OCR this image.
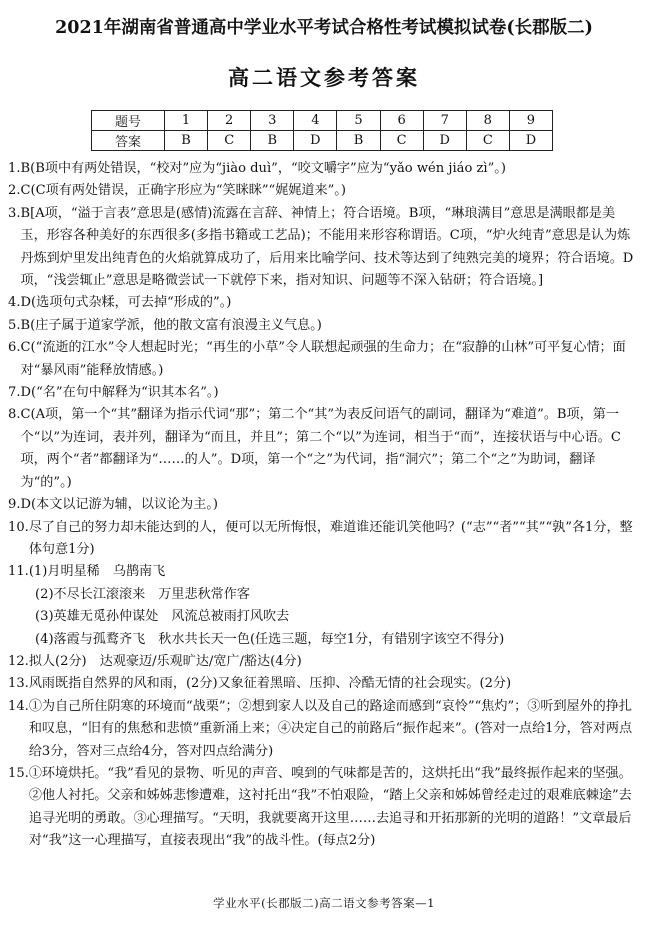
2021年湖南省普通高中学业水平考试合格性考试模拟试卷(长郡版二)
高二语文参考答案
题号	1	2	3	4	5	6	7	8	9
答案	B	C	B	D	B	C	D	C	D
1. B(B项中有两处错误，“校对”应为“jiào duì”，“咬文嚼字”应为“yǎo wén jiáo zì”。)
2. C(C项有两处错误，正确字形应为“笑眯眯”“娓娓道来”。)
3. B[A项，“溢于言表”意思是(感情)流露在言辞、神情上；符合语境。B项，“琳琅满目”意思是满眼都是美玉，形容各种美好的东西很多(多指书籍或工艺品)；不能用来形容称谓语。C项，“炉火纯青”意思是认为炼丹炼到炉里发出纯青色的火焰就算成功了，后用来比喻学问、技术等达到了纯熟完美的境界；符合语境。D项，“浅尝辄止”意思是略微尝试一下就停下来，指对知识、问题等不深入钻研；符合语境。]
4. D(选项句式杂糅，可去掉“形成的”。)
5. B(庄子属于道家学派，他的散文富有浪漫主义气息。)
6. C(“流逝的江水”令人想起时光；“再生的小草”令人联想起顽强的生命力；在“寂静的山林”可平复心情；面对“暴风雨”能释放情感。)
7. D(“名”在句中解释为“识其本名”。)
8. C(A项，第一个“其”翻译为指示代词“那”；第二个“其”为表反问语气的副词，翻译为“难道”。B项，第一个“以”为连词，表并列，翻译为“而且，并且”；第二个“以”为连词，相当于“而”，连接状语与中心语。C项，两个“者”都翻译为“……的人”。D项，第一个“之”为代词，指“洞穴”；第二个“之”为助词，翻译为“的”。)
9. D(本文以记游为辅，以议论为主。)
10. 尽了自己的努力却未能达到的人，便可以无所悔恨，难道谁还能讥笑他吗？(“志”“者”“其”“孰”各1分，整体句意1分)
11. (1)月明星稀　乌鹊南飞
(2)不尽长江滚滚来　万里悲秋常作客
(3)英雄无觅孙仲谋处　风流总被雨打风吹去
(4)落霞与孤鹜齐飞　秋水共长天一色(任选三题，每空1分，有错别字该空不得分)
12. 拟人(2分)　达观豪迈/乐观旷达/宽广/豁达(4分)
13. 风雨既指自然界的风和雨，(2分)又象征着黑暗、压抑、冷酷无情的社会现实。(2分)
14. ①为自己所住阴寒的环境而“战栗”；②想到家人以及自己的路途而感到“哀怜”“焦灼”；③听到屋外的挣扎和叹息，“旧有的焦愁和悲愤”重新涌上来；④决定自己的前路后“振作起来”。(答对一点给1分，答对两点给3分，答对三点给4分，答对四点给满分)
15. ①环境烘托。“我”看见的景物、听见的声音、嗅到的气味都是苦的，这烘托出“我”最终振作起来的坚强。②他人衬托。父亲和姊姊悲惨遭难，这衬托出“我”不怕艰险，“踏上父亲和姊姊曾经走过的艰难底棘途”去追寻光明的勇敢。③心理描写。“天明，我就要离开这里……去追寻和开拓那新的光明的道路！”文章最后对“我”这一心理描写，直接表现出“我”的战斗性。(每点2分)
学业水平(长郡版二)高二语文参考答案—1
